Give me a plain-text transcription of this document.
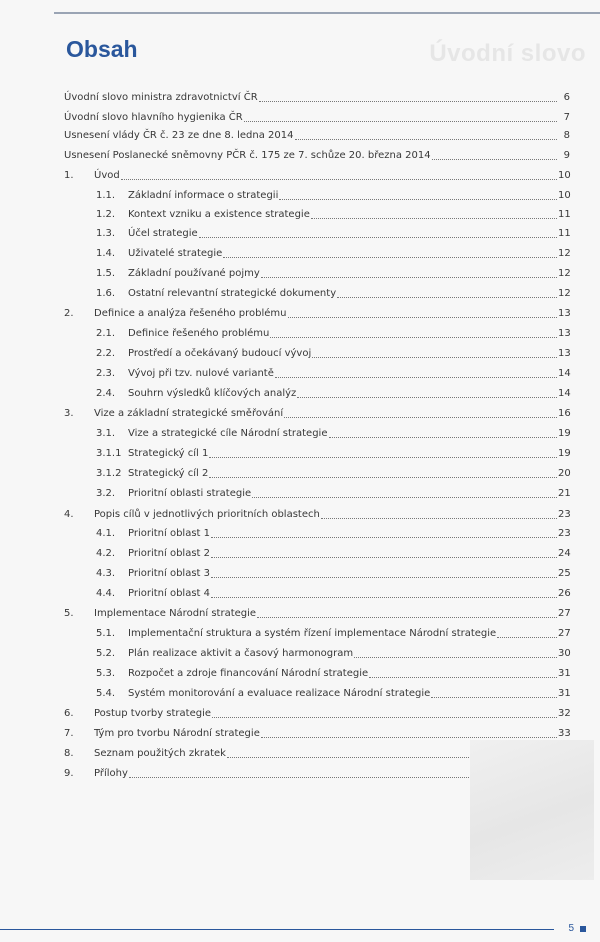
Úvodní slovo
Obsah
Úvodní slovo ministra zdravotnictví ČR	6
Úvodní slovo hlavního hygienika ČR	7
Usnesení vlády ČR č. 23 ze dne 8. ledna 2014	8
Usnesení Poslanecké sněmovny PČR č. 175 ze 7. schůze 20. března 2014	9
1.	Úvod	10
1.1.	Základní informace o strategii	10
1.2.	Kontext vzniku a existence strategie	11
1.3.	Účel strategie	11
1.4.	Uživatelé strategie	12
1.5.	Základní používané pojmy	12
1.6.	Ostatní relevantní strategické dokumenty	12
2.	Definice a analýza řešeného problému	13
2.1.	Definice řešeného problému	13
2.2.	Prostředí a očekávaný budoucí vývoj	13
2.3.	Vývoj při tzv. nulové variantě	14
2.4.	Souhrn výsledků klíčových analýz	14
3.	Vize a základní strategické směřování	16
3.1.	Vize a strategické cíle Národní strategie	19
3.1.1 Strategický cíl 1	19
3.1.2 Strategický cíl 2	20
3.2.	Prioritní oblasti strategie	21
4.	Popis cílů v jednotlivých prioritních oblastech	23
4.1.	Prioritní oblast 1	23
4.2.	Prioritní oblast 2	24
4.3.	Prioritní oblast 3	25
4.4.	Prioritní oblast 4	26
5.	Implementace Národní strategie	27
5.1.	Implementační struktura a systém řízení implementace Národní strategie	27
5.2.	Plán realizace aktivit a časový harmonogram	30
5.3.	Rozpočet a zdroje financování Národní strategie	31
5.4.	Systém monitorování a evaluace realizace Národní strategie	31
6.	Postup tvorby strategie	32
7.	Tým pro tvorbu Národní strategie	33
8.	Seznam použitých zkratek
9.	Přílohy
5
